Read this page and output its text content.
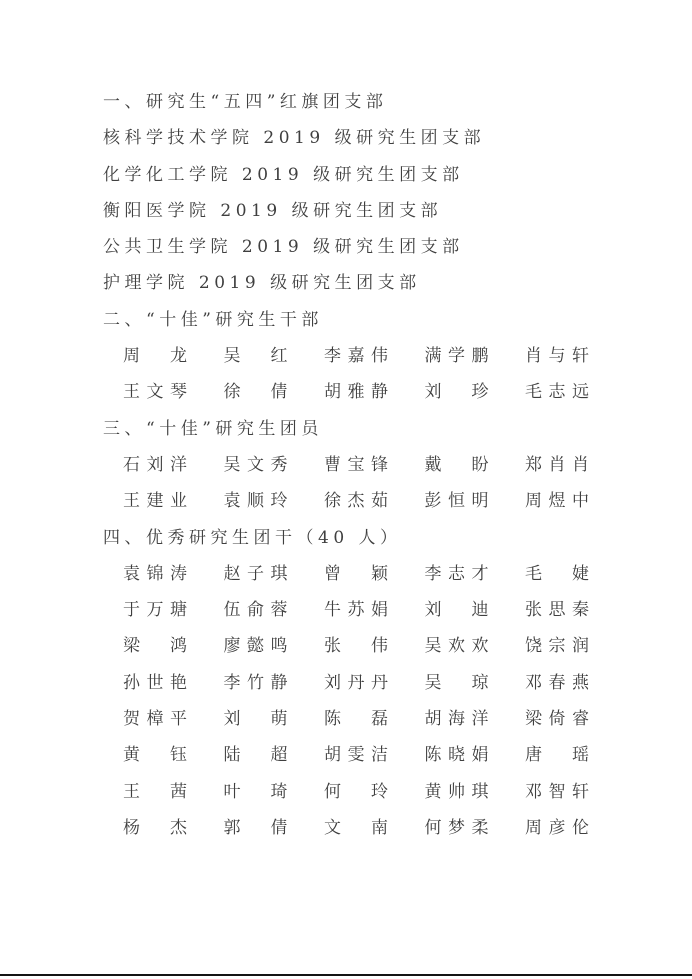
一、研究生“五四”红旗团支部
核科学技术学院 2019 级研究生团支部
化学化工学院 2019 级研究生团支部
衡阳医学院 2019 级研究生团支部
公共卫生学院 2019 级研究生团支部
护理学院 2019 级研究生团支部
二、“十佳”研究生干部
周龙 吴红 李嘉伟 满学鹏 肖与轩
王文琴 徐倩 胡雅静 刘珍 毛志远
三、“十佳”研究生团员
石刘洋 吴文秀 曹宝锋 戴盼 郑肖肖
王建业 袁顺玲 徐杰茹 彭恒明 周煜中
四、优秀研究生团干（40 人）
袁锦涛 赵子琪 曾颖 李志才 毛婕
于万瑭 伍俞蓉 牛苏娟 刘迪 张思秦
梁鸿 廖懿鸣 张伟 吴欢欢 饶宗润
孙世艳 李竹静 刘丹丹 吴琼 邓春燕
贺樟平 刘萌 陈磊 胡海洋 梁倚睿
黄钰 陆超 胡雯洁 陈晓娟 唐瑶
王茜 叶琦 何玲 黄帅琪 邓智轩
杨杰 郭倩 文南 何梦柔 周彦伦
